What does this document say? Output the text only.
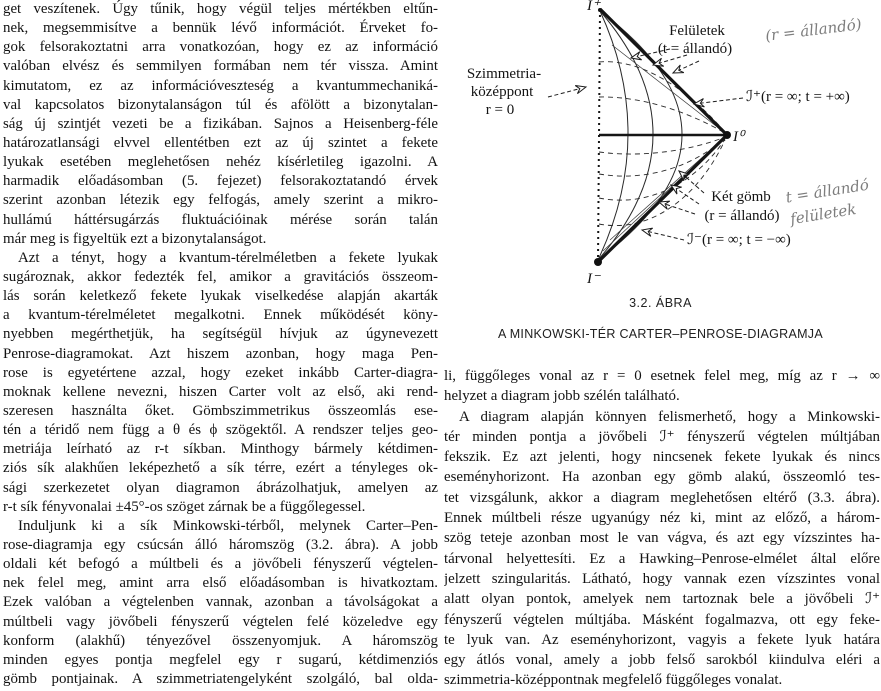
get veszítenek. Úgy tűnik, hogy végül teljes mértékben eltűn-
nek, megsemmisítve a bennük lévő információt. Érveket fo-
gok felsorakoztatni arra vonatkozóan, hogy ez az információ
valóban elvész és semmilyen formában nem tér vissza. Amint
kimutatom, ez az információveszteség a kvantummechaniká-
val kapcsolatos bizonytalanságon túl és afölött a bizonytalan-
ság új szintjét vezeti be a fizikában. Sajnos a Heisenberg-féle
határozatlansági elvvel ellentétben ezt az új szintet a fekete
lyukak esetében meglehetősen nehéz kísérletileg igazolni. A
harmadik előadásomban (5. fejezet) felsorakoztatandó érvek
szerint azonban létezik egy felfogás, amely szerint a mikro-
hullámú háttérsugárzás fluktuációinak mérése során talán
már meg is figyeltük ezt a bizonytalanságot.
Azt a tényt, hogy a kvantum-térelméletben a fekete lyukak
sugároznak, akkor fedezték fel, amikor a gravitációs összeom-
lás során keletkező fekete lyukak viselkedése alapján akarták
a kvantum-térelméletet megalkotni. Ennek működését köny-
nyebben megérthetjük, ha segítségül hívjuk az úgynevezett
Penrose-diagramokat. Azt hiszem azonban, hogy maga Pen-
rose is egyetértene azzal, hogy ezeket inkább Carter-diagra-
moknak kellene nevezni, hiszen Carter volt az első, aki rend-
szeresen használta őket. Gömbszimmetrikus összeomlás ese-
tén a téridő nem függ a θ és ϕ szögektől. A rendszer teljes geo-
metriája leírható az r-t síkban. Minthogy bármely kétdimen-
ziós sík alakhűen leképezhető a sík térre, ezért a tényleges ok-
sági szerkezetet olyan diagramon ábrázolhatjuk, amelyen az
r-t sík fényvonalai ±45°-os szöget zárnak be a függőlegessel.
Induljunk ki a sík Minkowski-térből, melynek Carter–Pen-
rose-diagramja egy csúcsán álló háromszög (3.2. ábra). A jobb
oldali két befogó a múltbeli és a jövőbeli fényszerű végtelen-
nek felel meg, amint arra első előadásomban is hivatkoztam.
Ezek valóban a végtelenben vannak, azonban a távolságokat a
múltbeli vagy jövőbeli fényszerű végtelen felé közeledve egy
konform (alakhű) tényezővel összenyomjuk. A háromszög
minden egyes pontja megfelel egy r sugarú, kétdimenziós
gömb pontjainak. A szimmetriatengelyként szolgáló, bal olda-
I⁺
I⁰
I⁻
Felületek
(t = állandó)
Szimmetria-
középpont
r = 0
ℐ⁺(r = ∞; t = +∞)
Két gömb
(r = állandó)
ℐ⁻(r = ∞; t = −∞)
(r = állandó)
t = állandó
felületek
3.2. ÁBRA
A MINKOWSKI-TÉR CARTER–PENROSE-DIAGRAMJA
li, függőleges vonal az r = 0 esetnek felel meg, míg az r → ∞
helyzet a diagram jobb szélén található.
A diagram alapján könnyen felismerhető, hogy a Minkowski-
tér minden pontja a jövőbeli ℐ⁺ fényszerű végtelen múltjában
fekszik. Ez azt jelenti, hogy nincsenek fekete lyukak és nincs
eseményhorizont. Ha azonban egy gömb alakú, összeomló tes-
tet vizsgálunk, akkor a diagram meglehetősen eltérő (3.3. ábra).
Ennek múltbeli része ugyanúgy néz ki, mint az előző, a három-
szög teteje azonban most le van vágva, és azt egy vízszintes ha-
tárvonal helyettesíti. Ez a Hawking–Penrose-elmélet által előre
jelzett szingularitás. Látható, hogy vannak ezen vízszintes vonal
alatt olyan pontok, amelyek nem tartoznak bele a jövőbeli ℐ⁺
fényszerű végtelen múltjába. Másként fogalmazva, ott egy feke-
te lyuk van. Az eseményhorizont, vagyis a fekete lyuk határa
egy átlós vonal, amely a jobb felső sarokból kiindulva eléri a
szimmetria-középpontnak megfelelő függőleges vonalat.
